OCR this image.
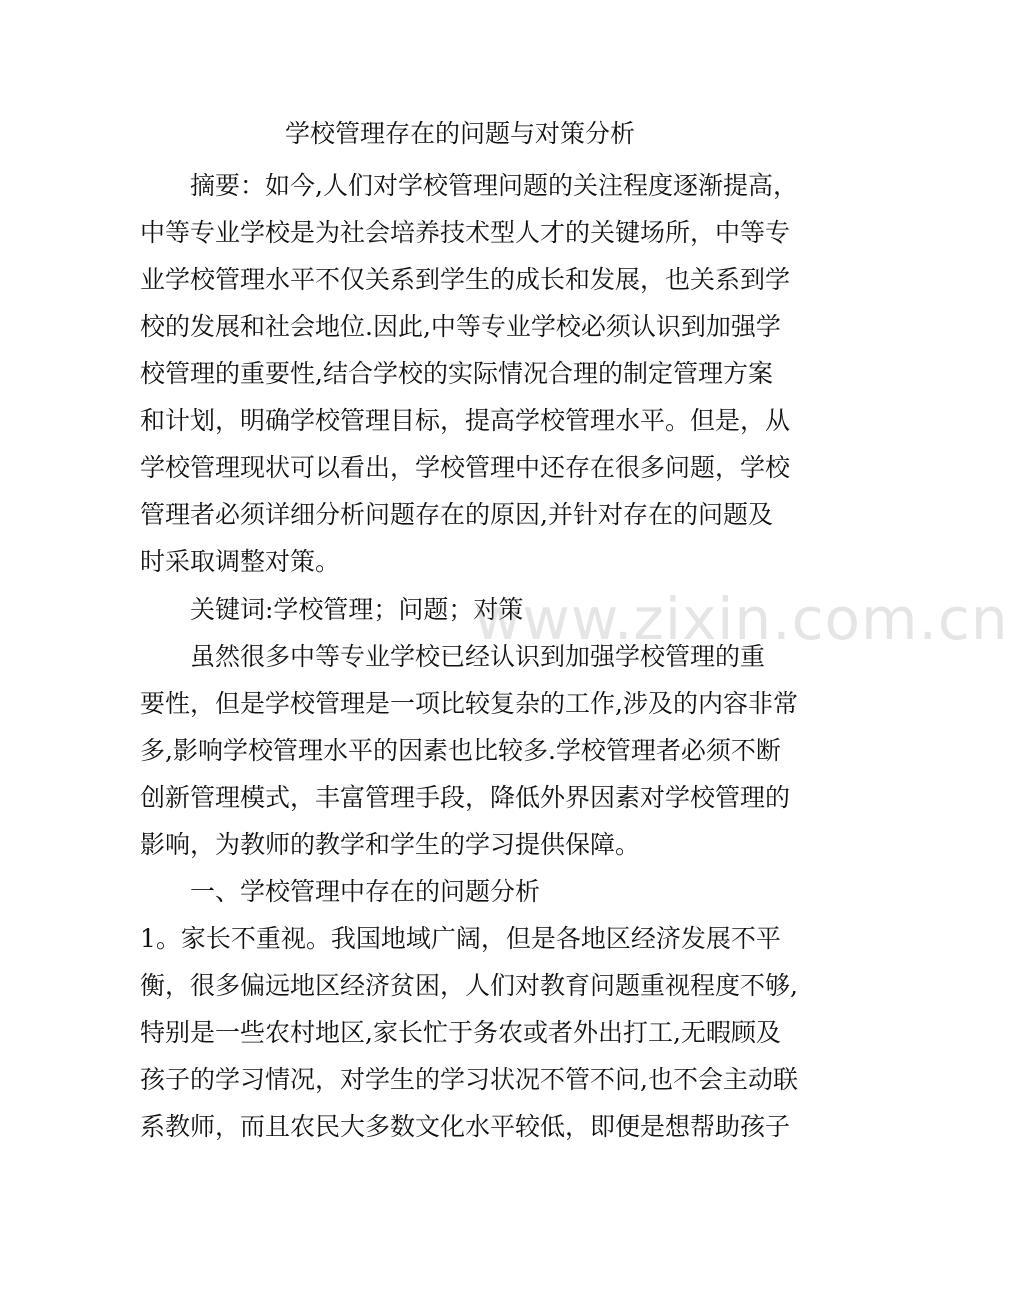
学校管理存在的问题与对策分析
摘要：如今,人们对学校管理问题的关注程度逐渐提高，
中等专业学校是为社会培养技术型人才的关键场所，中等专
业学校管理水平不仅关系到学生的成长和发展，也关系到学
校的发展和社会地位.因此,中等专业学校必须认识到加强学
校管理的重要性,结合学校的实际情况合理的制定管理方案
和计划，明确学校管理目标，提高学校管理水平。但是，从
学校管理现状可以看出，学校管理中还存在很多问题，学校
管理者必须详细分析问题存在的原因,并针对存在的问题及
时采取调整对策。
关键词:学校管理；问题；对策
虽然很多中等专业学校已经认识到加强学校管理的重
要性，但是学校管理是一项比较复杂的工作,涉及的内容非常
多,影响学校管理水平的因素也比较多.学校管理者必须不断
创新管理模式，丰富管理手段，降低外界因素对学校管理的
影响，为教师的教学和学生的学习提供保障。
一、学校管理中存在的问题分析
1。家长不重视。我国地域广阔，但是各地区经济发展不平
衡，很多偏远地区经济贫困，人们对教育问题重视程度不够,
特别是一些农村地区,家长忙于务农或者外出打工,无暇顾及
孩子的学习情况，对学生的学习状况不管不问,也不会主动联
系教师，而且农民大多数文化水平较低，即便是想帮助孩子
www.zixin.com.cn
